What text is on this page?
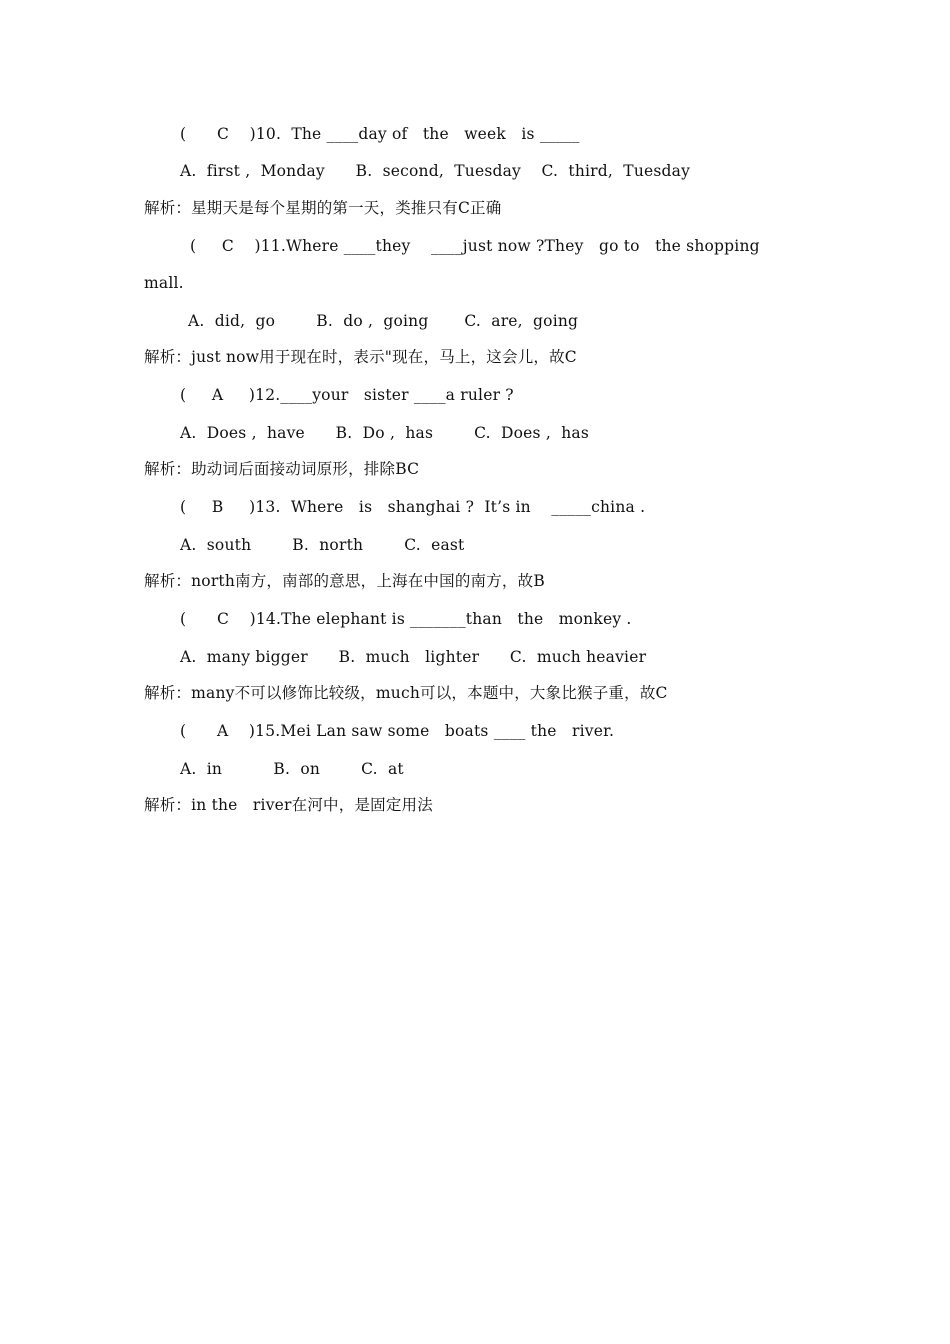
(      C    )10.  The ____day of   the   week   is _____
A.  first ,  Monday      B.  second,  Tuesday    C.  third,  Tuesday
解析：星期天是每个星期的第一天，类推只有C正确
(     C    )11.Where ____they    ____just now ?They   go to   the shopping
mall.
A.  did,  go        B.  do ,  going       C.  are,  going
解析：just now用于现在时，表示"现在，马上，这会儿，故C
(     A     )12.____your   sister ____a ruler ?
A.  Does ,  have      B.  Do ,  has        C.  Does ,  has
解析：助动词后面接动词原形，排除BC
(     B     )13.  Where   is   shanghai ?  It’s in    _____china .
A.  south        B.  north        C.  east
解析：north南方，南部的意思，上海在中国的南方，故B
(      C    )14.The elephant is _______than   the   monkey .
A.  many bigger      B.  much   lighter      C.  much heavier
解析：many不可以修饰比较级，much可以，本题中，大象比猴子重，故C
(      A    )15.Mei Lan saw some   boats ____ the   river.
A.  in          B.  on        C.  at
解析：in the   river在河中，是固定用法
